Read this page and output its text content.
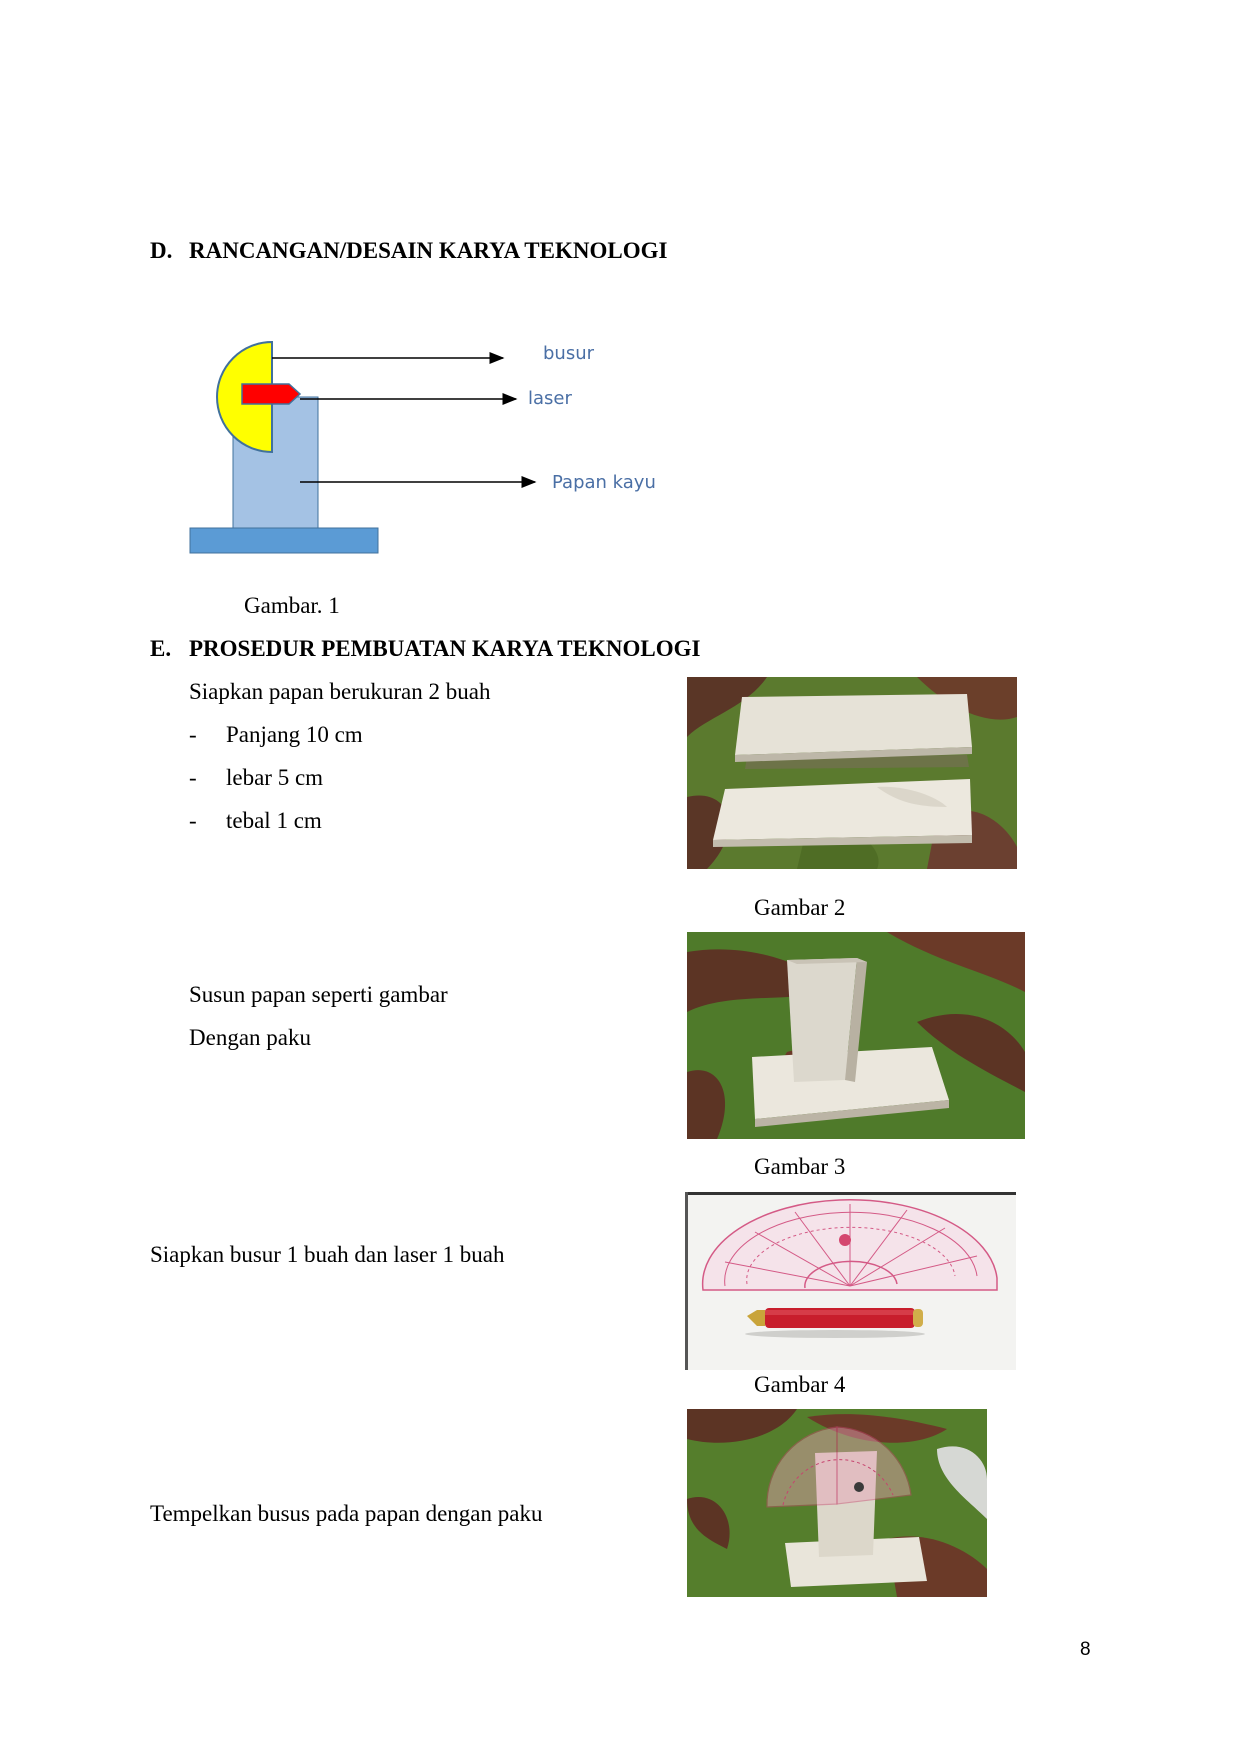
D. RANCANGAN/DESAIN KARYA TEKNOLOGI
busur
laser
Papan kayu
Gambar. 1
E. PROSEDUR PEMBUATAN KARYA TEKNOLOGI
Siapkan papan berukuran 2 buah
- Panjang 10 cm
- lebar 5 cm
- tebal 1 cm
Gambar 2
Susun papan seperti gambar
Dengan paku
Gambar 3
Siapkan busur 1 buah dan laser 1 buah
Gambar 4
Tempelkan busus pada papan dengan paku
8
